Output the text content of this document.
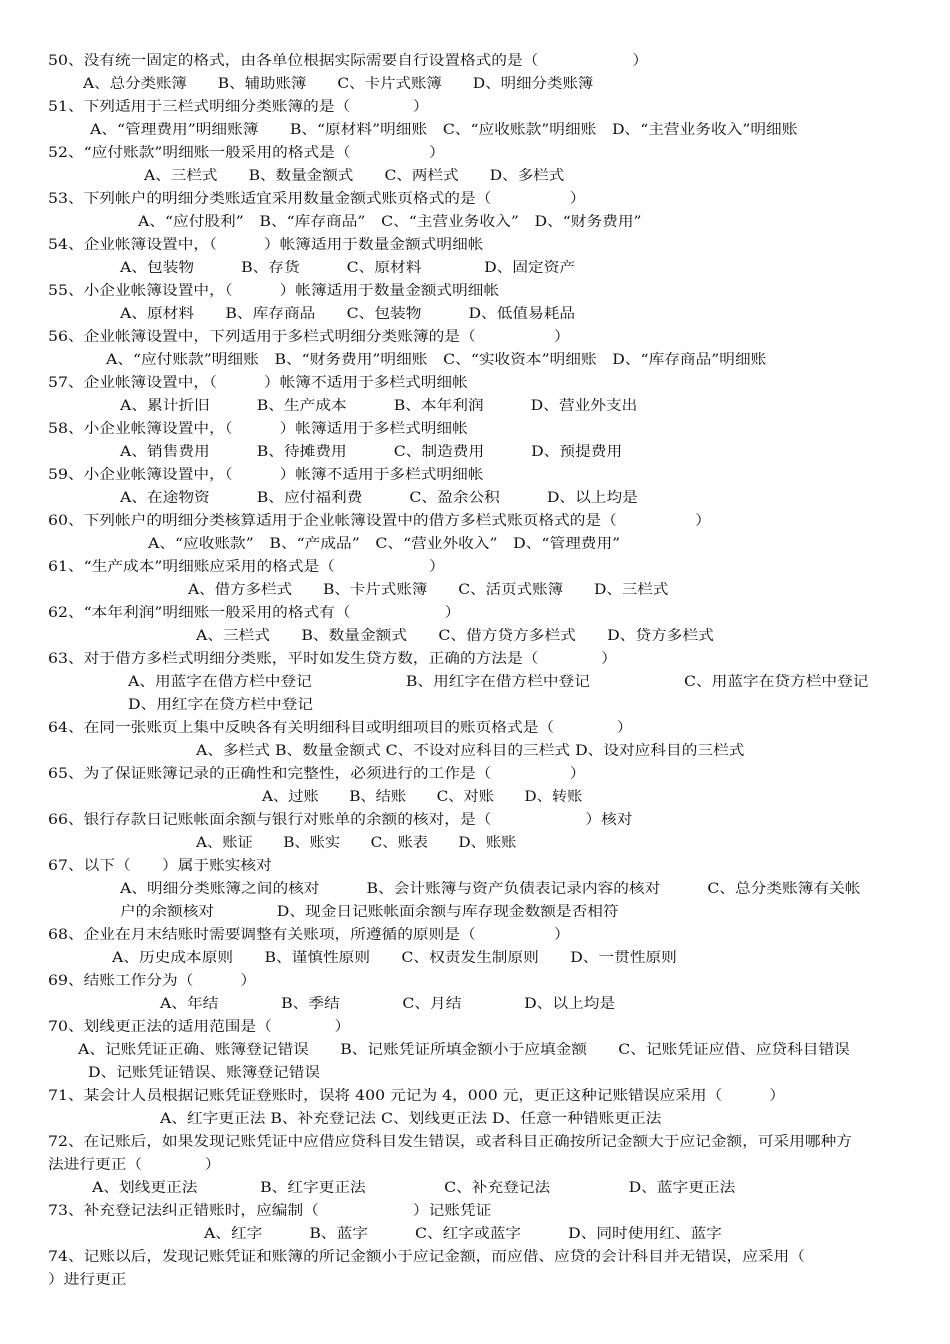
50、没有统一固定的格式，由各单位根据实际需要自行设置格式的是（　　　　　　）
A、总分类账簿　　B、辅助账簿　　C、卡片式账簿　　D、明细分类账簿
51、下列适用于三栏式明细分类账簿的是（　　　　）
A、“管理费用”明细账簿　　B、“原材料”明细账　C、“应收账款”明细账　D、“主营业务收入”明细账
52、“应付账款”明细账一般采用的格式是（　　　　　）
A、三栏式　　B、数量金额式　　C、两栏式　　D、多栏式
53、下列帐户的明细分类账适宜采用数量金额式账页格式的是（　　　　　）
A、“应付股利”　B、“库存商品”　C、“主营业务收入”　D、“财务费用”
54、企业帐簿设置中，（　　　）帐簿适用于数量金额式明细帐
A、包装物　　　B、存货　　　C、原材料　　　　D、固定资产
55、小企业帐簿设置中，（　　　）帐簿适用于数量金额式明细帐
A、原材料　　B、库存商品　　C、包装物　　　D、低值易耗品
56、企业帐簿设置中，下列适用于多栏式明细分类账簿的是（　　　　　）
A、“应付账款”明细账　B、“财务费用”明细账　C、“实收资本”明细账　D、“库存商品”明细账
57、企业帐簿设置中，（　　　）帐簿不适用于多栏式明细帐
A、累计折旧　　　B、生产成本　　　B、本年利润　　　D、营业外支出
58、小企业帐簿设置中，（　　　）帐簿适用于多栏式明细帐
A、销售费用　　　B、待摊费用　　　C、制造费用　　　D、预提费用
59、小企业帐簿设置中，（　　　）帐簿不适用于多栏式明细帐
A、在途物资　　　B、应付福利费　　　C、盈余公积　　　D、以上均是
60、下列帐户的明细分类核算适用于企业帐簿设置中的借方多栏式账页格式的是（　　　　　）
A、“应收账款”　B、“产成品”　C、“营业外收入”　D、“管理费用”
61、“生产成本”明细账应采用的格式是（　　　　　　）
A、借方多栏式　　B、卡片式账簿　　C、活页式账簿　　D、三栏式
62、“本年利润”明细账一般采用的格式有（　　　　　　）
A、三栏式　　B、数量金额式　　C、借方贷方多栏式　　D、贷方多栏式
63、对于借方多栏式明细分类账，平时如发生贷方数，正确的方法是（　　　　）
A、用蓝字在借方栏中登记　　　　　　B、用红字在借方栏中登记　　　　　　C、用蓝字在贷方栏中登记
D、用红字在贷方栏中登记
64、在同一张账页上集中反映各有关明细科目或明细项目的账页格式是（　　　　）
A、多栏式 B、数量金额式 C、不设对应科目的三栏式 D、设对应科目的三栏式
65、为了保证账簿记录的正确性和完整性，必须进行的工作是（　　　　　）
A、过账　　B、结账　　C、对账　　D、转账
66、银行存款日记账帐面余额与银行对账单的余额的核对，是（　　　　　　）核对
A、账证　　B、账实　　C、账表　　D、账账
67、以下（　　）属于账实核对
A、明细分类账簿之间的核对　　　B、会计账簿与资产负债表记录内容的核对　　　C、总分类账簿有关帐
户的余额核对　　　　D、现金日记账帐面余额与库存现金数额是否相符
68、企业在月末结账时需要调整有关账项，所遵循的原则是（　　　　　）
A、历史成本原则　　B、谨慎性原则　　C、权责发生制原则　　D、一贯性原则
69、结账工作分为（　　　）
A、年结　　　　B、季结　　　　C、月结　　　　D、以上均是
70、划线更正法的适用范围是（　　　　）
A、记账凭证正确、账簿登记错误　　B、记账凭证所填金额小于应填金额　　C、记账凭证应借、应贷科目错误
D、记账凭证错误、账簿登记错误
71、某会计人员根据记账凭证登账时，误将 400 元记为 4，000 元，更正这种记账错误应采用（　　　）
A、红字更正法 B、补充登记法 C、划线更正法 D、任意一种错账更正法
72、在记账后，如果发现记账凭证中应借应贷科目发生错误，或者科目正确按所记金额大于应记金额，可采用哪种方
法进行更正（　　　　）
A、划线更正法　　　　B、红字更正法　　　　　C、补充登记法　　　　　D、蓝字更正法
73、补充登记法纠正错账时，应编制（　　　　　　）记账凭证
A、红字　　　B、蓝字　　　C、红字或蓝字　　　D、同时使用红、蓝字
74、记账以后，发现记账凭证和账簿的所记金额小于应记金额，而应借、应贷的会计科目并无错误，应采用（
）进行更正
